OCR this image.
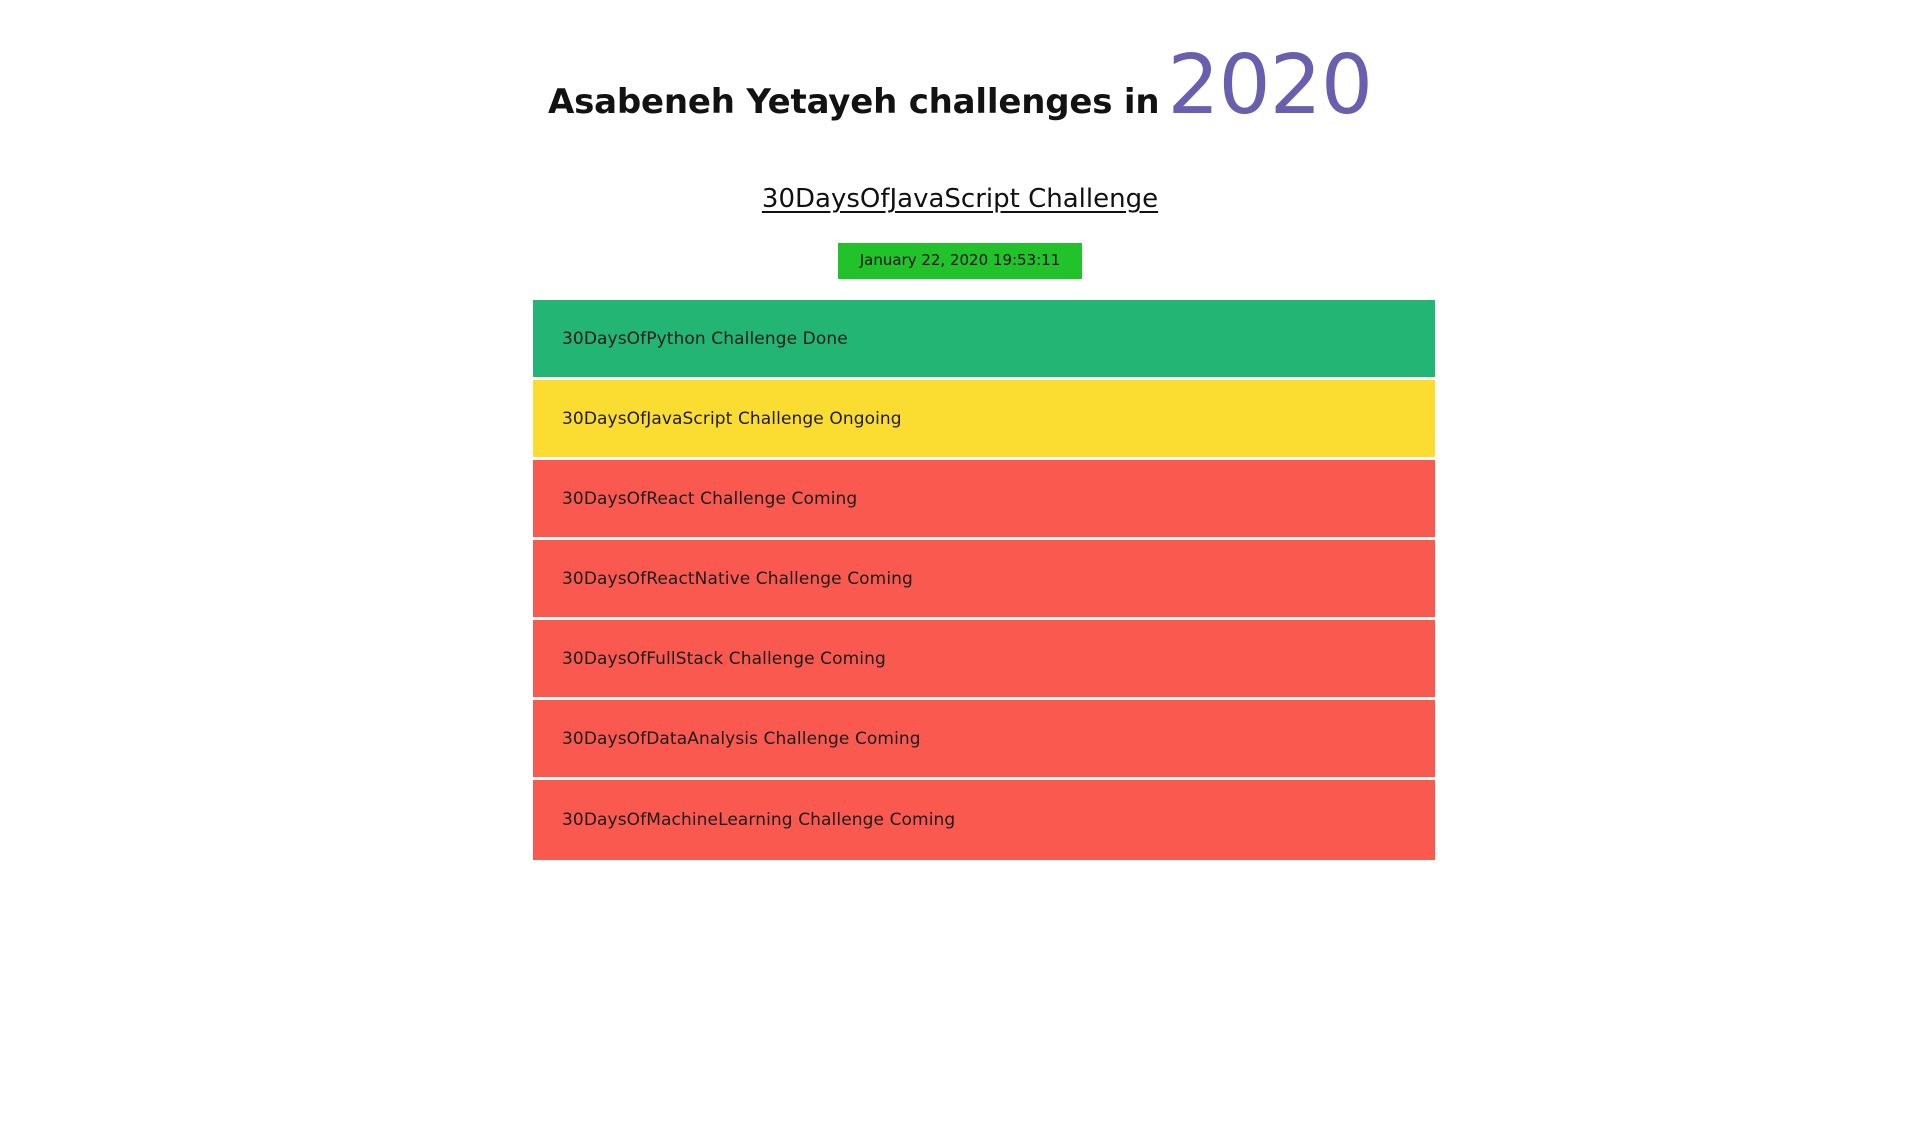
Asabeneh Yetayeh challenges in2020
30DaysOfJavaScript Challenge
January 22, 2020 19:53:11
30DaysOfPython Challenge Done
30DaysOfJavaScript Challenge Ongoing
30DaysOfReact Challenge Coming
30DaysOfReactNative Challenge Coming
30DaysOfFullStack Challenge Coming
30DaysOfDataAnalysis Challenge Coming
30DaysOfMachineLearning Challenge Coming
